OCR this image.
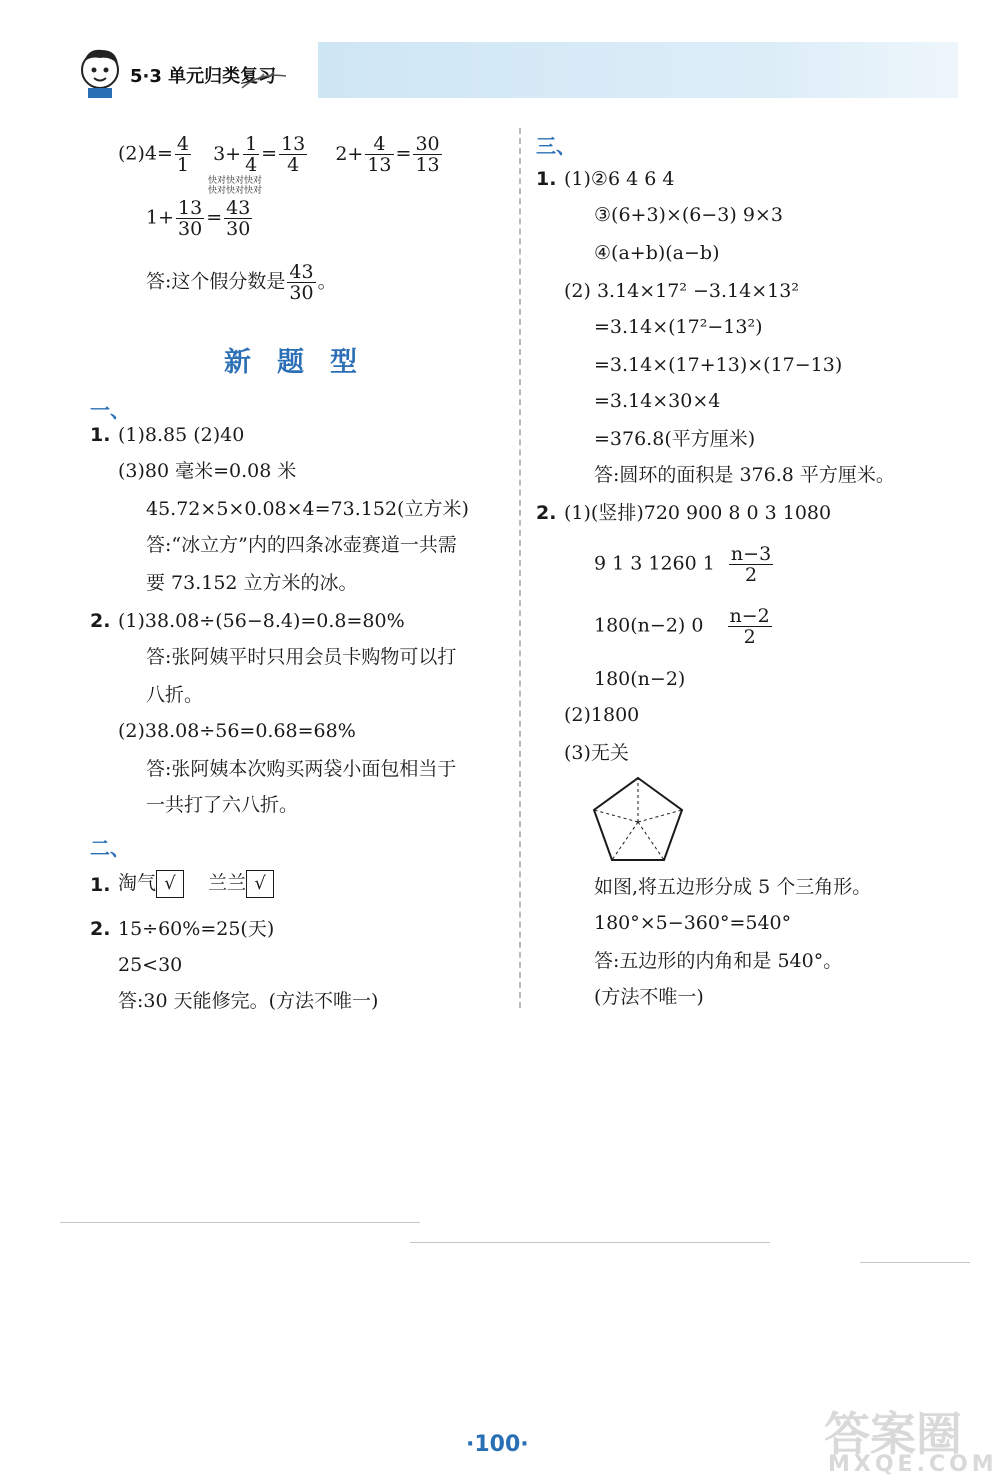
5·3 单元归类复习
$(2)4= \frac{4}{1} 3+ \frac{1}{4} = \frac{13}{4} 2+ \frac{4}{13} = \frac{30}{13}$
快对快对快对
快对快对快对
$1+ \frac{13}{30} = \frac{43}{30}$
答:这个假分数是 $\frac{43}{30}$ 。
新题型
一、
1. (1)8.85 (2)40
(3)80 毫米=0.08 米
45.72×5×0.08×4=73.152(立方米)
答:“冰立方”内的四条冰壶赛道一共需
要 73.152 立方米的冰。
2. (1)38.08÷(56−8.4)=0.8=80%
答:张阿姨平时只用会员卡购物可以打
八折。
(2)38.08÷56=0.68=68%
答:张阿姨本次购买两袋小面包相当于
一共打了六八折。
二、
1. 淘气 √ 兰兰 √
2. 15÷60%=25(天)
25<30
答:30 天能修完。(方法不唯一)
三、
1. (1)②6 4 6 4
③(6+3)×(6−3) 9×3
④(a+b)(a−b)
(2) 3.14×17² −3.14×13²
=3.14×(17²−13²)
=3.14×(17+13)×(17−13)
=3.14×30×4
=376.8(平方厘米)
答:圆环的面积是 376.8 平方厘米。
2. (1)(竖排)720 900 8 0 3 1080
9 1 3 1260 $1 \frac{n-3}{2}$
180(n−2) $0 \frac{n-2}{2}$
180(n−2)
(2)1800
(3)无关
如图,将五边形分成 5 个三角形。
180°×5−360°=540°
答:五边形的内角和是 540°。
(方法不唯一)
·100·	答案圈
MXQE.COM
